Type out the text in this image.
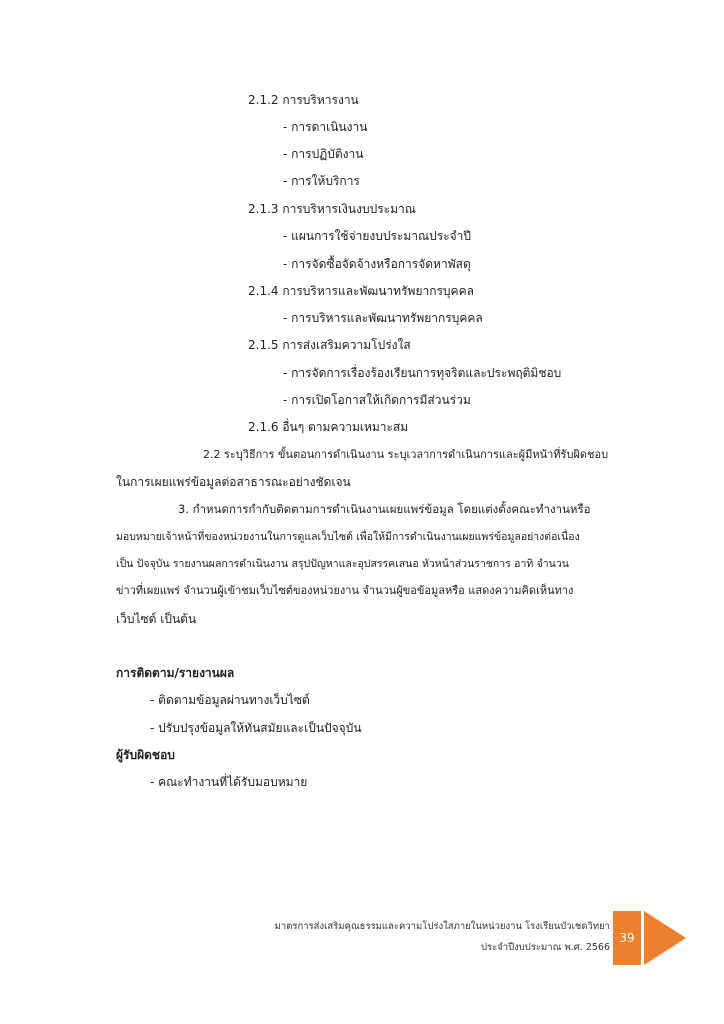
2.1.2 การบริหารงาน
- การดาเนินงาน
- การปฏิบัติงาน
- การให้บริการ
2.1.3 การบริหารเงินงบประมาณ
- แผนการใช้จ่ายงบประมาณประจำปี
- การจัดซื้อจัดจ้างหรือการจัดหาพัสดุ
2.1.4 การบริหารและพัฒนาทรัพยากรบุคคล
- การบริหารและพัฒนาทรัพยากรบุคคล
2.1.5 การส่งเสริมความโปร่งใส
- การจัดการเรื่องร้องเรียนการทุจริตและประพฤติมิชอบ
- การเปิดโอกาสให้เกิดการมีส่วนร่วม
2.1.6 อื่นๆ ตามความเหมาะสม
2.2 ระบุวิธีการ ขั้นตอนการดำเนินงาน ระบุเวลาการดำเนินการและผู้มีหน้าที่รับผิดชอบ
ในการเผยแพร่ข้อมูลต่อสาธารณะอย่างชัดเจน
3. กำหนดการกำกับติดตามการดำเนินงานเผยแพร่ข้อมูล โดยแต่งตั้งคณะทำงานหรือ
มอบหมายเจ้าหน้าที่ของหน่วยงานในการดูแลเว็บไซต์ เพื่อให้มีการดำเนินงานเผยแพร่ข้อมูลอย่างต่อเนื่อง
เป็น ปัจจุบัน รายงานผลการดำเนินงาน สรุปปัญหาและอุปสรรคเสนอ หัวหน้าส่วนราชการ อาทิ จำนวน
ข่าวที่เผยแพร่ จำนวนผู้เข้าชมเว็บไซต์ของหน่วยงาน จำนวนผู้ขอข้อมูลหรือ แสดงความคิดเห็นทาง
เว็บไซต์ เป็นต้น
การติดตาม/รายงานผล
- ติดตามข้อมูลผ่านทางเว็บไซต์
- ปรับปรุงข้อมูลให้ทันสมัยและเป็นปัจจุบัน
ผู้รับผิดชอบ
- คณะทำงานที่ได้รับมอบหมาย
มาตรการส่งเสริมคุณธรรมและความโปร่งใสภายในหน่วยงาน โรงเรียนบัวเชดวิทยา
ประจำปีงบประมาณ พ.ศ. 2566
39
